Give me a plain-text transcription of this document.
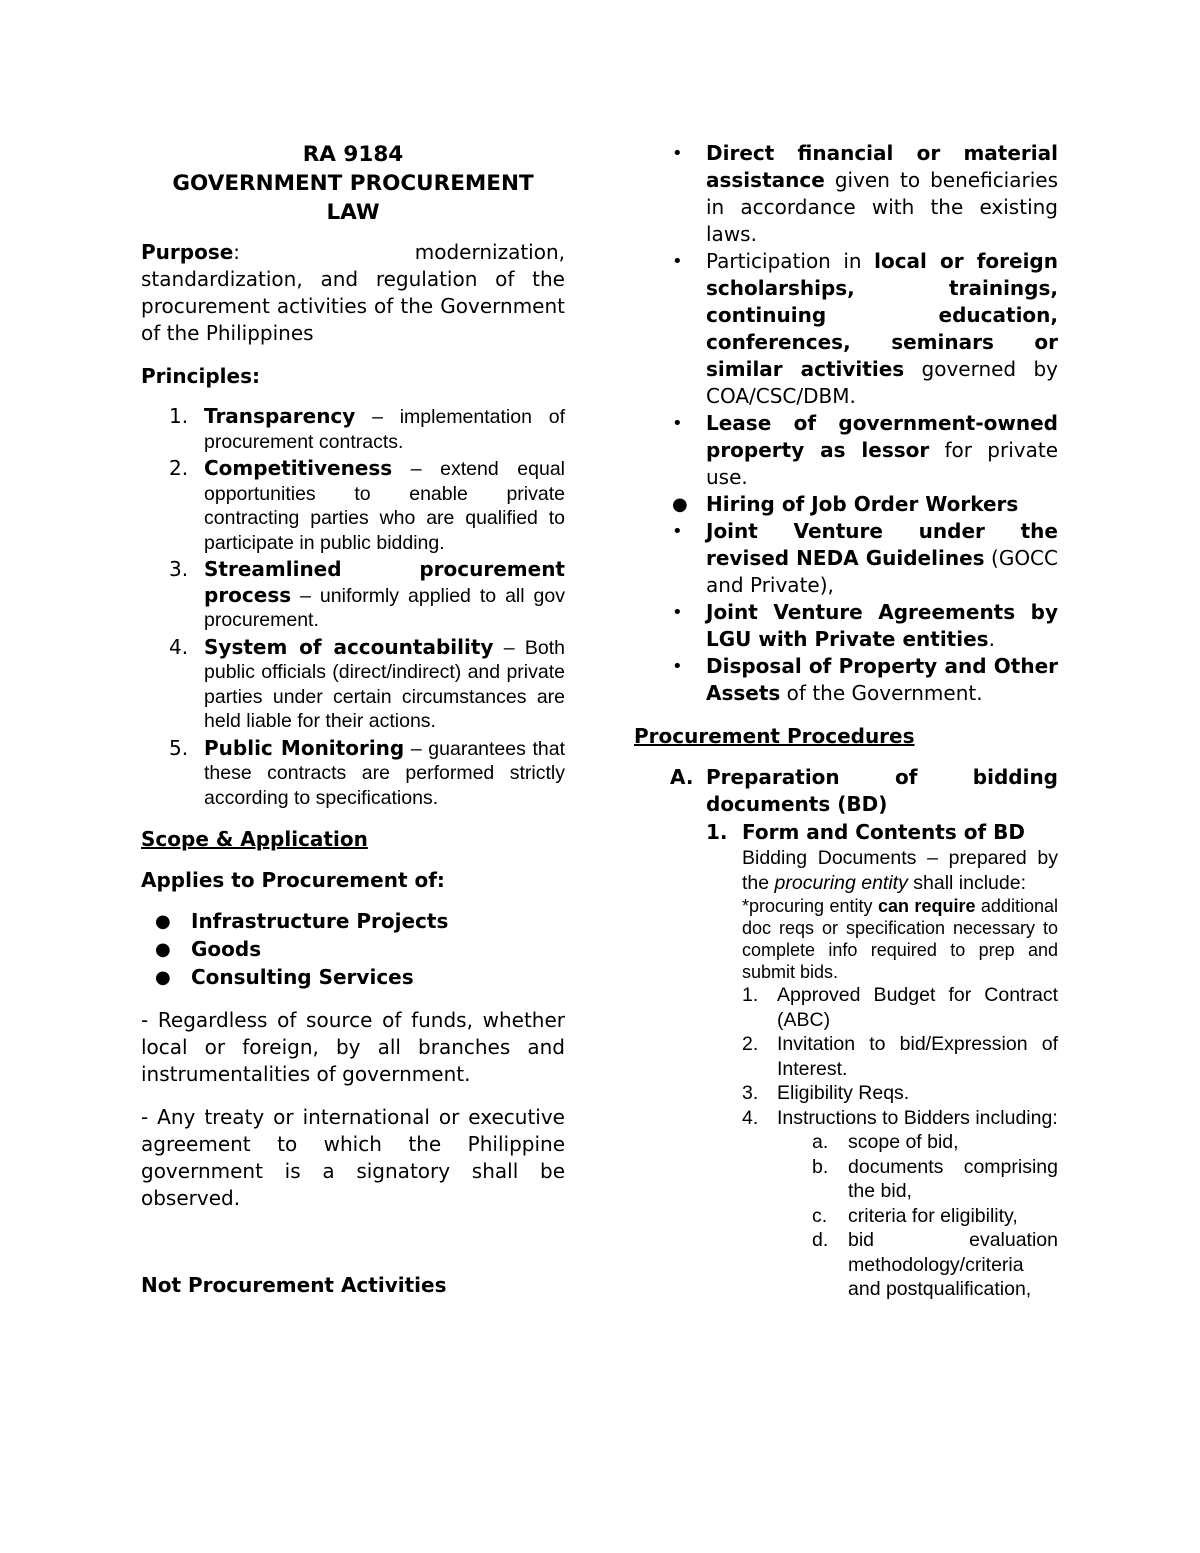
RA 9184
GOVERNMENT PROCUREMENT
LAW

Purpose:              modernization, standardization, and regulation of the procurement activities of the Government of the Philippines

Principles:
1. Transparency – implementation of procurement contracts.
2. Competitiveness – extend equal opportunities to enable private contracting parties who are qualified to participate in public bidding.
3. Streamlined procurement process – uniformly applied to all gov procurement.
4. System of accountability – Both public officials (direct/indirect) and private parties under certain circumstances are held liable for their actions.
5. Public Monitoring – guarantees that these contracts are performed strictly according to specifications.
Scope & Application
Applies to Procurement of:
● Infrastructure Projects
● Goods
● Consulting Services

- Regardless of source of funds, whether local or foreign, by all branches and instrumentalities of government.

- Any treaty or international or executive agreement to which the Philippine government is a signatory shall be observed.

Not Procurement Activities
• Direct financial or material assistance given to beneficiaries in accordance with the existing laws.
• Participation in local or foreign scholarships, trainings, continuing education, conferences, seminars or similar activities governed by COA/CSC/DBM.
• Lease of government-owned property as lessor for private use.
● Hiring of Job Order Workers
• Joint Venture under the revised NEDA Guidelines (GOCC and Private),
• Joint Venture Agreements by LGU with Private entities.
• Disposal of Property and Other Assets of the Government.
Procurement Procedures
A. Preparation of bidding documents (BD)
1. Form and Contents of BD
Bidding Documents – prepared by the procuring entity shall include:
*procuring entity can require additional doc reqs or specification necessary to complete info required to prep and submit bids.
1. Approved Budget for Contract (ABC)
2. Invitation to bid/Expression of Interest.
3. Eligibility Reqs.
4. Instructions to Bidders including:
a. scope of bid,
b. documents comprising the bid,
c. criteria for eligibility,
d. bid evaluation methodology/criteria and postqualification,
